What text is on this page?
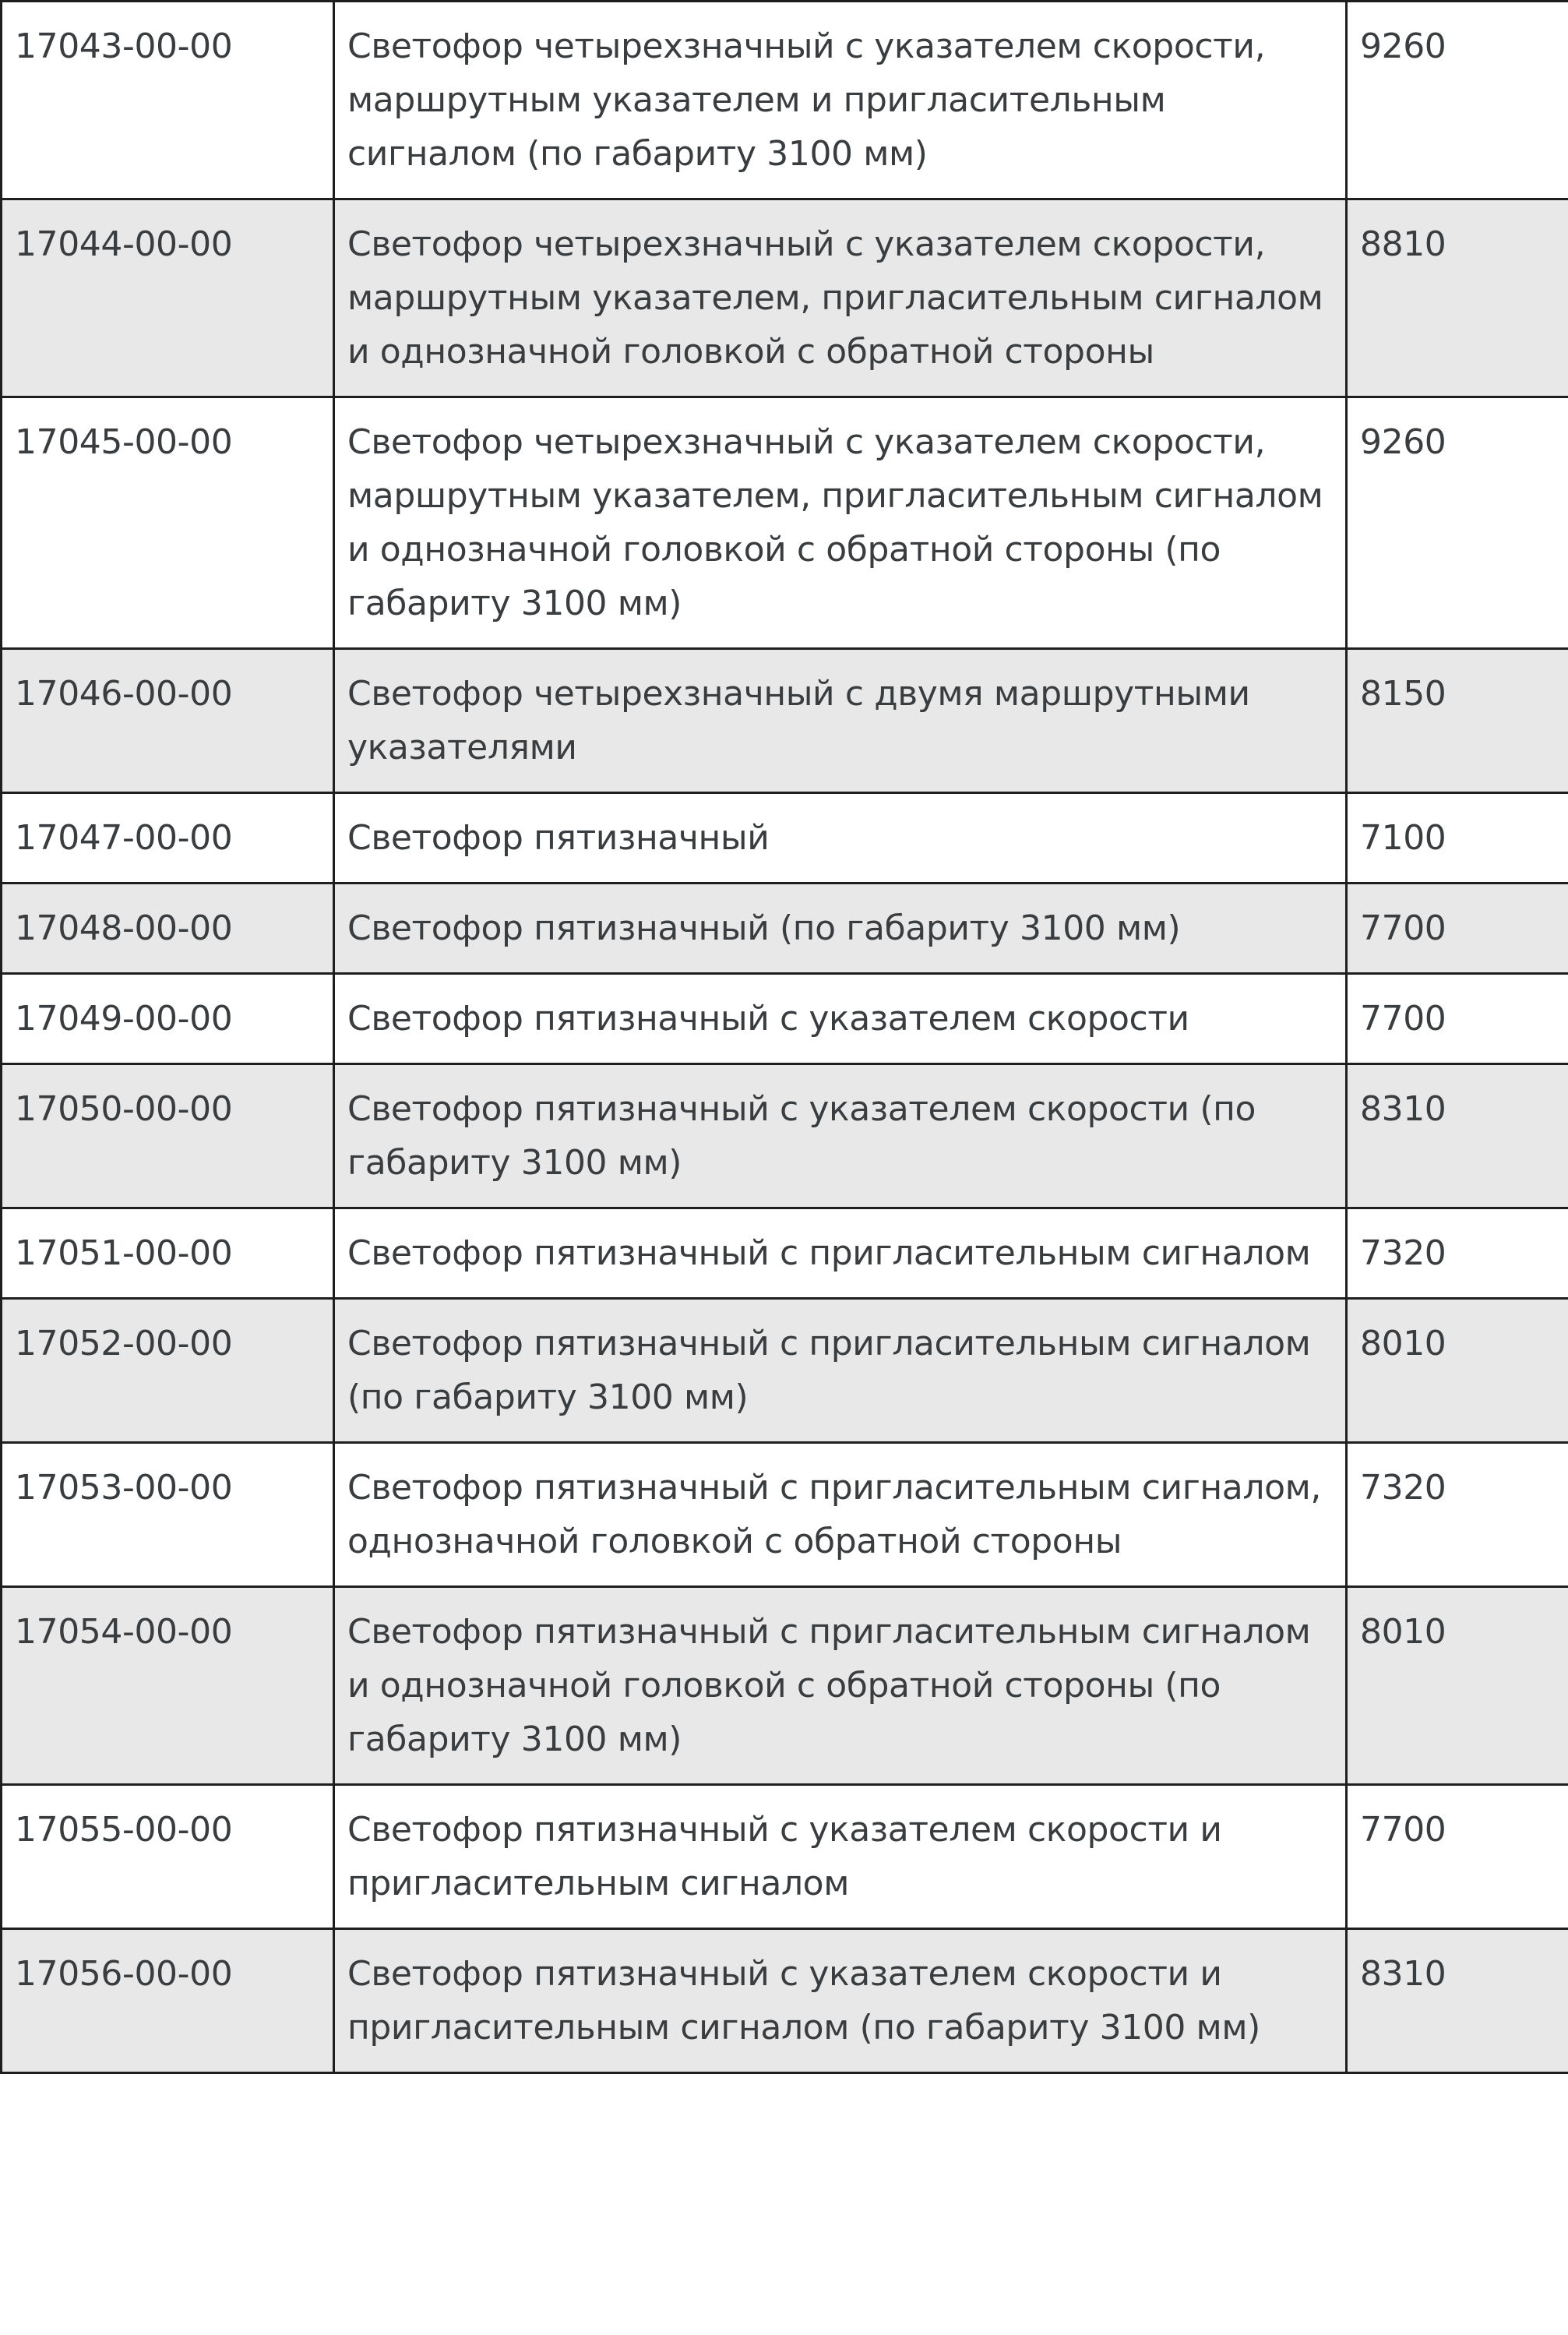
17043-00-00	Светофор четырехзначный с указателем скорости, маршрутным указателем и пригласительным сигналом (по габариту 3100 мм)	9260
17044-00-00	Светофор четырехзначный с указателем скорости, маршрутным указателем, пригласительным сигналом и однозначной головкой с обратной стороны	8810
17045-00-00	Светофор четырехзначный с указателем скорости, маршрутным указателем, пригласительным сигналом и однозначной головкой с обратной стороны (по габариту 3100 мм)	9260
17046-00-00	Светофор четырехзначный с двумя маршрутными указателями	8150
17047-00-00	Светофор пятизначный	7100
17048-00-00	Светофор пятизначный (по габариту 3100 мм)	7700
17049-00-00	Светофор пятизначный с указателем скорости	7700
17050-00-00	Светофор пятизначный с указателем скорости (по габариту 3100 мм)	8310
17051-00-00	Светофор пятизначный с пригласительным сигналом	7320
17052-00-00	Светофор пятизначный с пригласительным сигналом (по габариту 3100 мм)	8010
17053-00-00	Светофор пятизначный с пригласительным сигналом, однозначной головкой с обратной стороны	7320
17054-00-00	Светофор пятизначный с пригласительным сигналом и однозначной головкой с обратной стороны (по габариту 3100 мм)	8010
17055-00-00	Светофор пятизначный с указателем скорости и пригласительным сигналом	7700
17056-00-00	Светофор пятизначный с указателем скорости и пригласительным сигналом (по габариту 3100 мм)	8310
